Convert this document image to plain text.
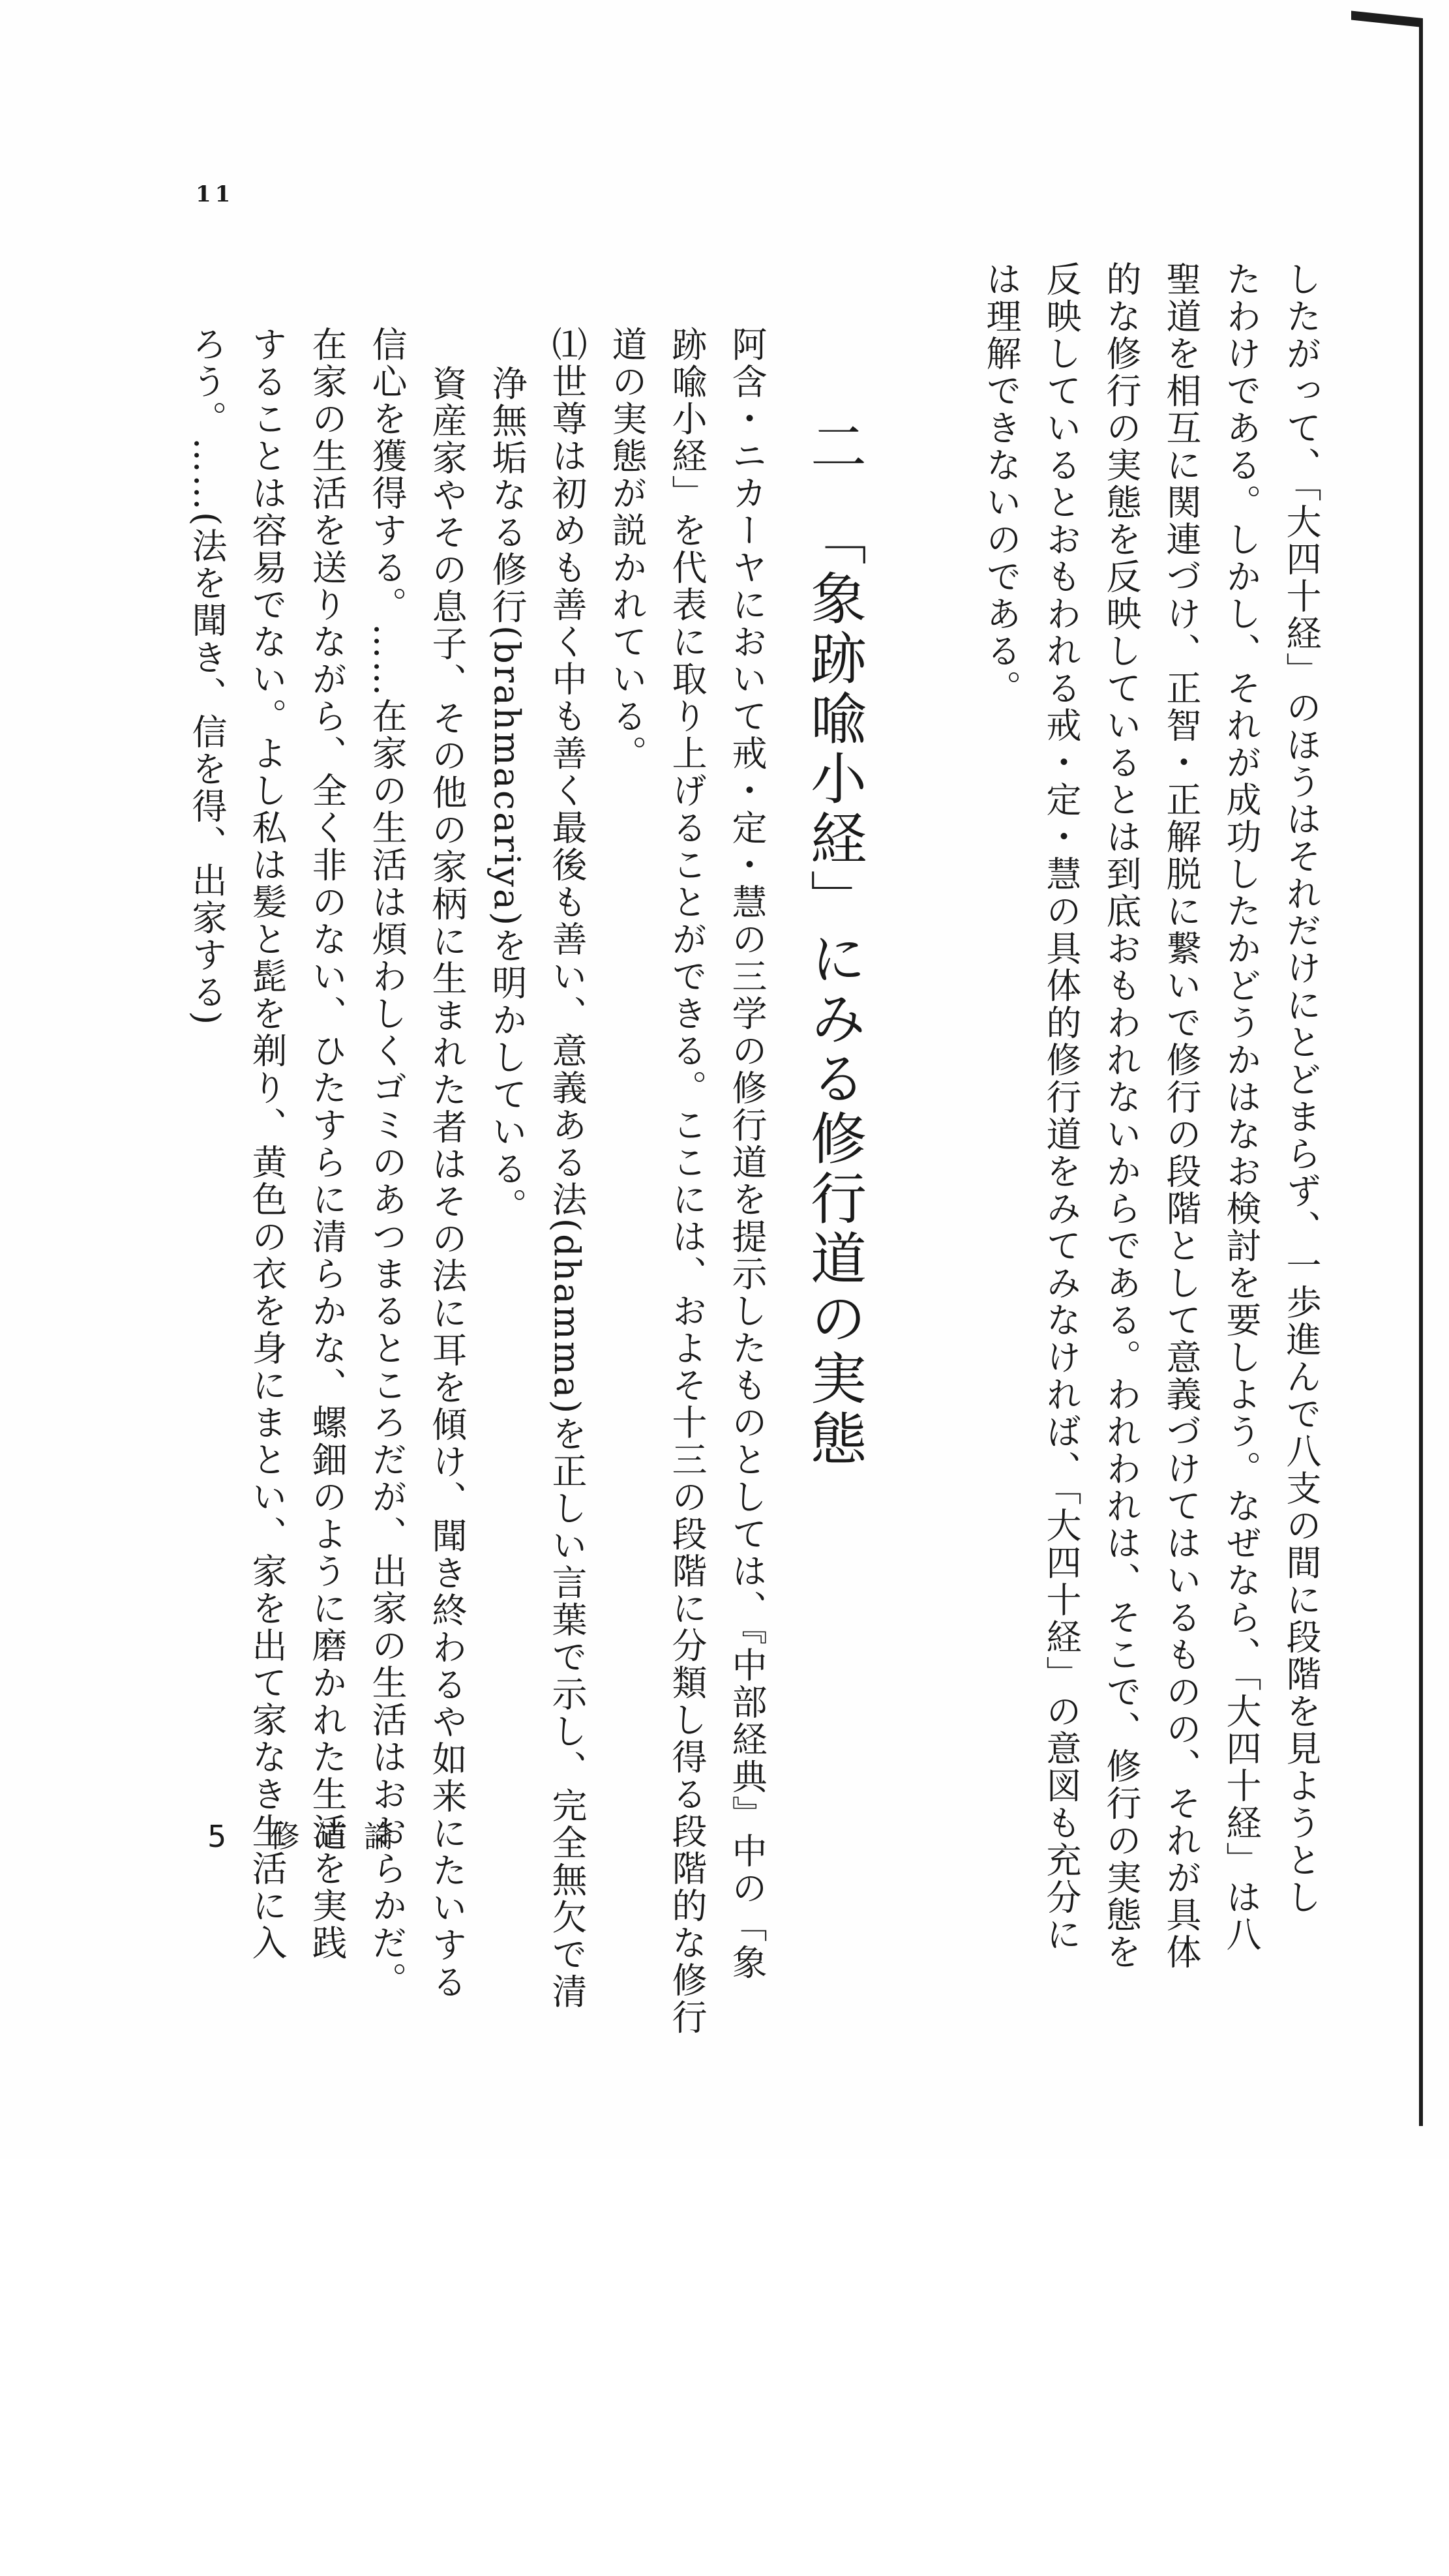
11
したがって、「大四十経」のほうはそれだけにとどまらず、一歩進んで八支の間に段階を見ようとし
たわけである。しかし、それが成功したかどうかはなお検討を要しよう。なぜなら、「大四十経」は八
聖道を相互に関連づけ、正智・正解脱に繋いで修行の段階として意義づけてはいるものの、それが具体
的な修行の実態を反映しているとは到底おもわれないからである。われわれは、そこで、修行の実態を
反映しているとおもわれる戒・定・慧の具体的修行道をみてみなければ、「大四十経」の意図も充分に
は理解できないのである。
二　「象跡喩小経」にみる修行道の実態
阿含・ニカーヤにおいて戒・定・慧の三学の修行道を提示したものとしては、『中部経典』中の「象
跡喩小経」を代表に取り上げることができる。ここには、およそ十三の段階に分類し得る段階的な修行
道の実態が説かれている。
⑴世尊は初めも善く中も善く最後も善い、意義ある法(dhamma)を正しい言葉で示し、完全無欠で清
浄無垢なる修行(brahmacariya)を明かしている。
資産家やその息子、その他の家柄に生まれた者はその法に耳を傾け、聞き終わるや如来にたいする
信心を獲得する。……在家の生活は煩わしくゴミのあつまるところだが、出家の生活はおおらかだ。
在家の生活を送りながら、全く非のない、ひたすらに清らかな、螺鈿のように磨かれた生活を実践
することは容易でない。よし私は髪と髭を剃り、黄色の衣を身にまとい、家を出て家なき生活に入
ろう。……(法を聞き、信を得、出家する)
5 修道論
